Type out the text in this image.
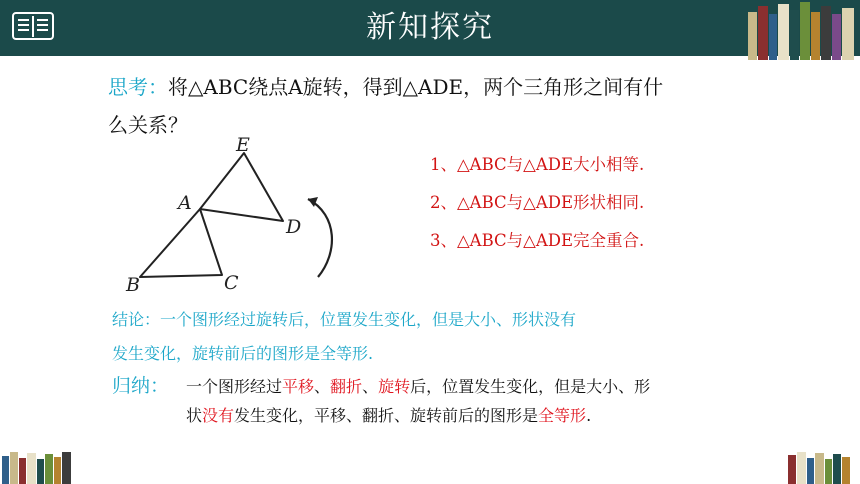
新知探究
思考：将△ABC绕点A旋转，得到△ADE，两个三角形之间有什
么关系？
A
B	C
D
E
1、△ABC与△ADE大小相等.
2、△ABC与△ADE形状相同.
3、△ABC与△ADE完全重合.
结论：一个图形经过旋转后，位置发生变化，但是大小、形状没有
发生变化，旋转前后的图形是全等形.
归纳： 一个图形经过平移、翻折、旋转后，位置发生变化，但是大小、形
状没有发生变化，平移、翻折、旋转前后的图形是全等形.
